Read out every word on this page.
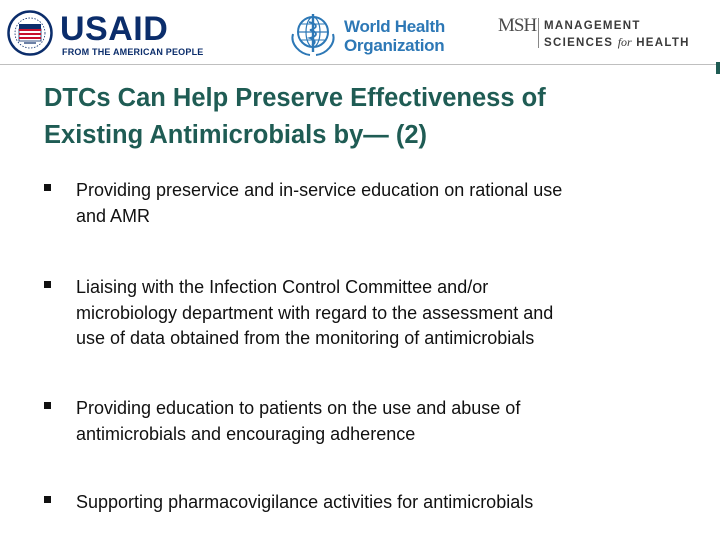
USAID
FROM THE AMERICAN PEOPLE
World Health
Organization
MSH MANAGEMENT
SCIENCES for HEALTH
DTCs Can Help Preserve Effectiveness of
Existing Antimicrobials by— (2)
Providing preservice and in-service education on rational use
and AMR
Liaising with the Infection Control Committee and/or
microbiology department with regard to the assessment and
use of data obtained from the monitoring of antimicrobials
Providing education to patients on the use and abuse of
antimicrobials and encouraging adherence
Supporting pharmacovigilance activities for antimicrobials
